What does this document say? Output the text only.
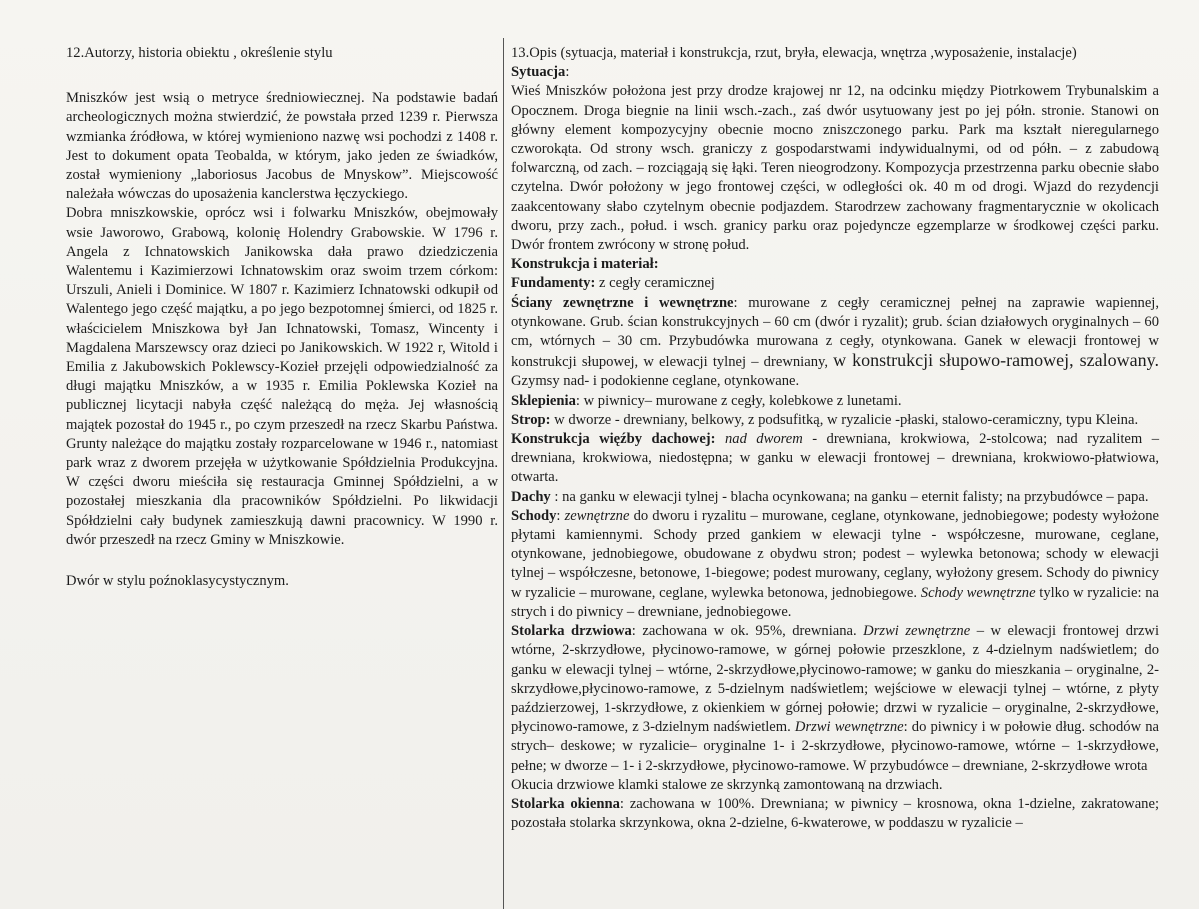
12.Autorzy, historia obiektu , określenie stylu

Mniszków jest wsią o metryce średniowiecznej. Na podstawie badań archeologicznych można stwierdzić, że powstała przed 1239 r. Pierwsza wzmianka źródłowa, w której wymieniono nazwę wsi pochodzi z 1408 r. Jest to dokument opata Teobalda, w którym, jako jeden ze świadków, został wymieniony „laboriosus Jacobus de Mnyskow”. Miejscowość należała wówczas do uposażenia kanclerstwa łęczyckiego.

Dobra mniszkowskie, oprócz wsi i folwarku Mniszków, obejmowały wsie Jaworowo, Grabową, kolonię Holendry Grabowskie. W 1796 r. Angela z Ichnatowskich Janikowska dała prawo dziedziczenia Walentemu i Kazimierzowi Ichnatowskim oraz swoim trzem córkom: Urszuli, Anieli i Dominice. W 1807 r. Kazimierz Ichnatowski odkupił od Walentego jego część majątku, a po jego bezpotomnej śmierci, od 1825 r. właścicielem Mniszkowa był Jan Ichnatowski, Tomasz, Wincenty i Magdalena Marszewscy oraz dzieci po Janikowskich. W 1922 r, Witold i Emilia z Jakubowskich Poklewscy-Kozieł przejęli odpowiedzialność za długi majątku Mniszków, a w 1935 r. Emilia Poklewska Kozieł na publicznej licytacji nabyła część należącą do męża. Jej własnością majątek pozostał do 1945 r., po czym przeszedł na rzecz Skarbu Państwa. Grunty należące do majątku zostały rozparcelowane w 1946 r., natomiast park wraz z dworem przejęła w użytkowanie Spółdzielnia Produkcyjna. W części dworu mieściła się restauracja Gminnej Spółdzielni, a w pozostałej mieszkania dla pracowników Spółdzielni. Po likwidacji Spółdzielni cały budynek zamieszkują dawni pracownicy. W 1990 r. dwór przeszedł na rzecz Gminy w Mniszkowie.

Dwór w stylu poźnoklasycystycznym.

13.Opis (sytuacja, materiał i konstrukcja, rzut, bryła, elewacja, wnętrza ,wyposażenie, instalacje)

Sytuacja:

Wieś Mniszków położona jest przy drodze krajowej nr 12, na odcinku między Piotrkowem Trybunalskim a Opocznem. Droga biegnie na linii wsch.-zach., zaś dwór usytuowany jest po jej półn. stronie. Stanowi on główny element kompozycyjny obecnie mocno zniszczonego parku. Park ma kształt nieregularnego czworokąta. Od strony wsch. graniczy z gospodarstwami indywidualnymi, od od półn. – z zabudową folwarczną, od zach. – rozciągają się łąki. Teren nieogrodzony. Kompozycja przestrzenna parku obecnie słabo czytelna. Dwór położony w jego frontowej części, w odległości ok. 40 m od drogi. Wjazd do rezydencji zaakcentowany słabo czytelnym obecnie podjazdem. Starodrzew zachowany fragmentarycznie w okolicach dworu, przy zach., połud. i wsch. granicy parku oraz pojedyncze egzemplarze w środkowej części parku. Dwór frontem zwrócony w stronę połud.

Konstrukcja i materiał:

Fundamenty: z cegły ceramicznej

Ściany zewnętrzne i wewnętrzne: murowane z cegły ceramicznej pełnej na zaprawie wapiennej, otynkowane. Grub. ścian konstrukcyjnych – 60 cm (dwór i ryzalit); grub. ścian działowych oryginalnych – 60 cm, wtórnych – 30 cm. Przybudówka murowana z cegły, otynkowana. Ganek w elewacji frontowej w konstrukcji słupowej, w elewacji tylnej – drewniany, w konstrukcji słupowo-ramowej, szalowany. Gzymsy nad- i podokienne ceglane, otynkowane.

Sklepienia: w piwnicy– murowane z cegły, kolebkowe z lunetami.

Strop: w dworze - drewniany, belkowy, z podsufitką, w ryzalicie -płaski, stalowo-ceramiczny, typu Kleina.

Konstrukcja więźby dachowej: nad dworem - drewniana, krokwiowa, 2-stolcowa; nad ryzalitem – drewniana, krokwiowa, niedostępna; w ganku w elewacji frontowej – drewniana, krokwiowo-płatwiowa, otwarta.

Dachy : na ganku w elewacji tylnej - blacha ocynkowana; na ganku – eternit falisty; na przybudówce – papa.

Schody: zewnętrzne do dworu i ryzalitu – murowane, ceglane, otynkowane, jednobiegowe; podesty wyłożone płytami kamiennymi. Schody przed gankiem w elewacji tylne - współczesne, murowane, ceglane, otynkowane, jednobiegowe, obudowane z obydwu stron; podest – wylewka betonowa; schody w elewacji tylnej – współczesne, betonowe, 1-biegowe; podest murowany, ceglany, wyłożony gresem. Schody do piwnicy w ryzalicie – murowane, ceglane, wylewka betonowa, jednobiegowe. Schody wewnętrzne tylko w ryzalicie: na strych i do piwnicy – drewniane, jednobiegowe.

Stolarka drzwiowa: zachowana w ok. 95%, drewniana. Drzwi zewnętrzne – w elewacji frontowej drzwi wtórne, 2-skrzydłowe, płycinowo-ramowe, w górnej połowie przeszklone, z 4-dzielnym nadświetlem; do ganku w elewacji tylnej – wtórne, 2-skrzydłowe,płycinowo-ramowe; w ganku do mieszkania – oryginalne, 2-skrzydłowe,płycinowo-ramowe, z 5-dzielnym nadświetlem; wejściowe w elewacji tylnej – wtórne, z płyty paździerzowej, 1-skrzydłowe, z okienkiem w górnej połowie; drzwi w ryzalicie – oryginalne, 2-skrzydłowe, płycinowo-ramowe, z 3-dzielnym nadświetlem. Drzwi wewnętrzne: do piwnicy i w połowie dług. schodów na strych– deskowe; w ryzalicie– oryginalne 1- i 2-skrzydłowe, płycinowo-ramowe, wtórne – 1-skrzydłowe, pełne; w dworze – 1- i 2-skrzydłowe, płycinowo-ramowe. W przybudówce – drewniane, 2-skrzydłowe wrota

Okucia drzwiowe klamki stalowe ze skrzynką zamontowaną na drzwiach.

Stolarka okienna: zachowana w 100%. Drewniana; w piwnicy – krosnowa, okna 1-dzielne, zakratowane; pozostała stolarka skrzynkowa, okna 2-dzielne, 6-kwaterowe, w poddaszu w ryzalicie –
